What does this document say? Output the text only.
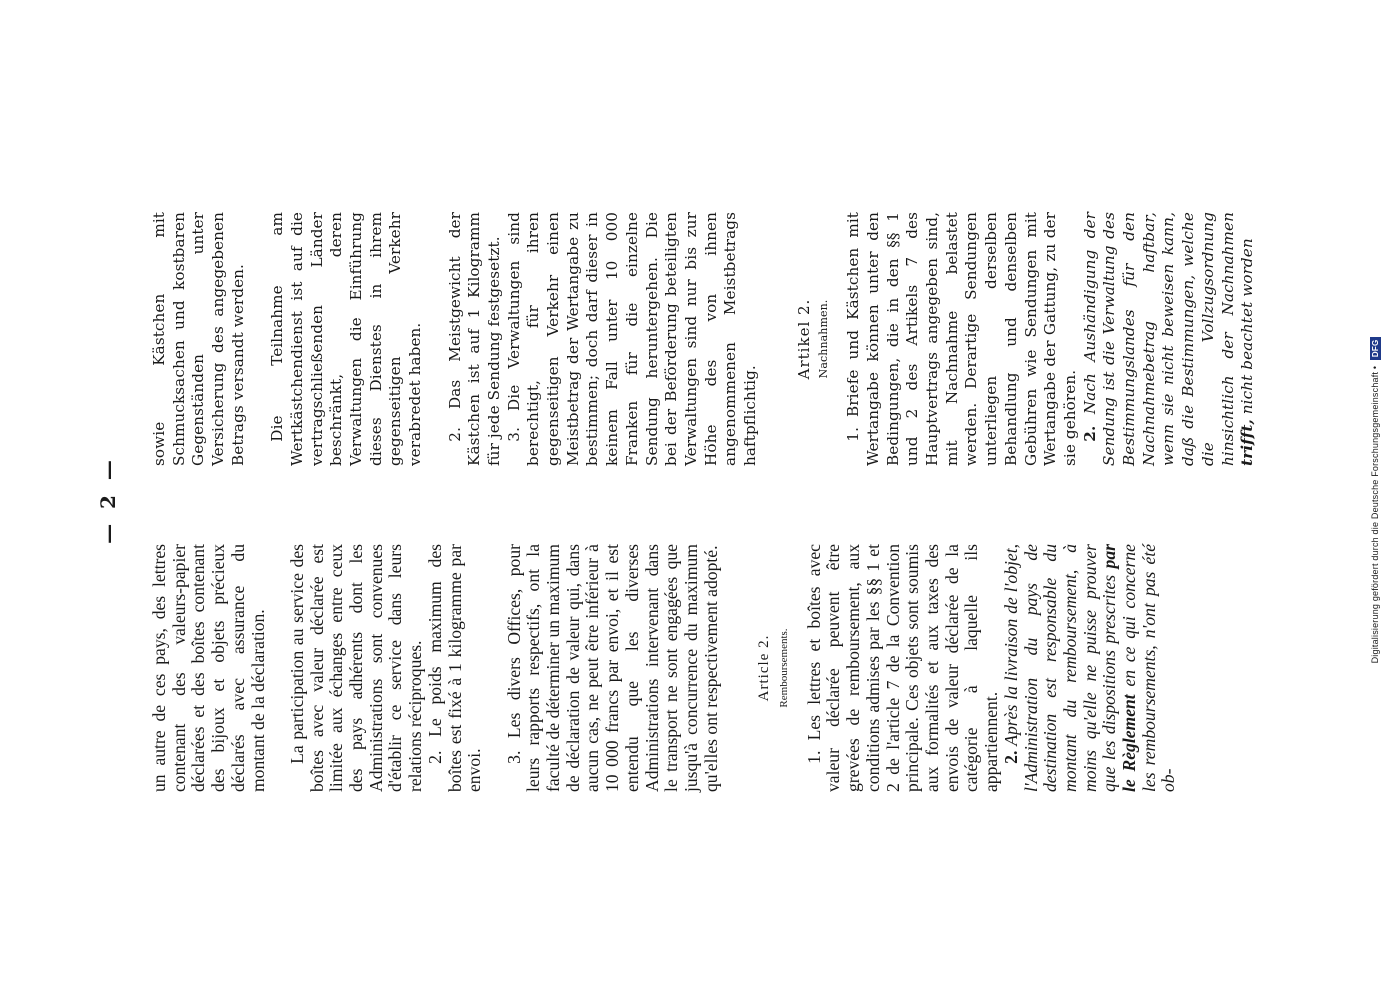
— 2 —

un autre de ces pays, des lettres contenant des valeurs-papier déclarées et des boîtes contenant des bijoux et objets précieux déclarés avec assurance du montant de la déclaration. La participation au service des boîtes avec valeur déclarée est limitée aux échanges entre ceux des pays adhérents dont les Administrations sont convenues d'établir ce service dans leurs relations réciproques. 2. Le poids maximum des boîtes est fixé à 1 kilogramme par envoi.

3. Les divers Offices, pour leurs rapports respectifs, ont la faculté de déterminer un maximum de déclaration de valeur qui, dans aucun cas, ne peut être inférieur à 10 000 francs par envoi, et il est entendu que les diverses Administrations intervenant dans le transport ne sont engagées que jusqu'à concurrence du maximum qu'elles ont respectivement adopté. Article 2. Remboursements. 1. Les lettres et boîtes avec valeur déclarée peuvent être grevées de remboursement, aux conditions admises par les §§ 1 et 2 de l'article 7 de la Convention principale. Ces objets sont soumis aux formalités et aux taxes des envois de valeur déclarée de la catégorie à laquelle ils appartiennent. 2. Après la livraison de l'objet, l'Administration du pays de destination est responsable du montant du remboursement, à moins qu'elle ne puisse prouver que les dispositions prescrites par le Règlement en ce qui concerne les remboursements, n'ont pas été ob-

sowie Kästchen mit Schmucksachen und kostbaren Gegenständen unter Versicherung des angegebenen Betrags versandt werden. Die Teilnahme am Wertkästchendienst ist auf die vertragschließenden Länder beschränkt, deren Verwaltungen die Einführung dieses Dienstes in ihrem gegenseitigen Verkehr verabredet haben. 2. Das Meistgewicht der Kästchen ist auf 1 Kilogramm für jede Sendung festgesetzt. 3. Die Verwaltungen sind berechtigt, für ihren gegenseitigen Verkehr einen Meistbetrag der Wertangabe zu bestimmen; doch darf dieser in keinem Fall unter 10 000 Franken für die einzelne Sendung heruntergehen. Die bei der Beförderung beteiligten Verwaltungen sind nur bis zur Höhe des von ihnen angenommenen Meistbetrags haftpflichtig.

Artikel 2. Nachnahmen. 1. Briefe und Kästchen mit Wertangabe können unter den Bedingungen, die in den §§ 1 und 2 des Artikels 7 des Hauptvertrags angegeben sind, mit Nachnahme belastet werden. Derartige Sendungen unterliegen derselben Behandlung und denselben Gebühren wie Sendungen mit Wertangabe der Gattung, zu der sie gehören. 2. Nach Aushändigung der Sendung ist die Verwaltung des Bestimmungslandes für den Nachnahmebetrag haftbar, wenn sie nicht beweisen kann, daß die Bestimmungen, welche die Vollzugsordnung hinsichtlich der Nachnahmen trifft, nicht beachtet worden

Digitalisierung gefördert durch die Deutsche Forschungsgemeinschaft • DFG
